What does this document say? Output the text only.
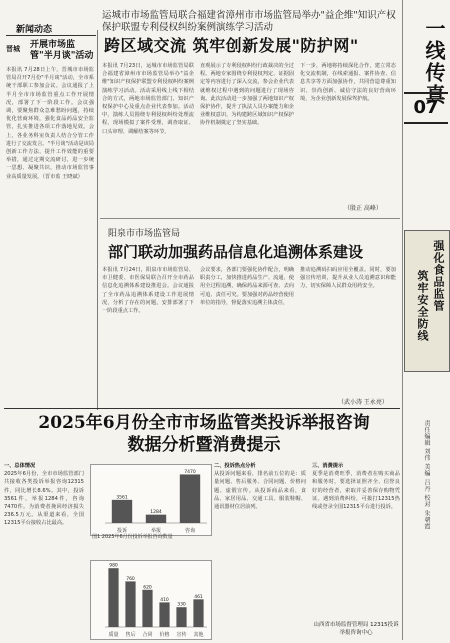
一线传真
07
强化食品监管
筑牢安全防线
责任编辑 刘伟 美编 吕丹 校对 朱朝霞
新闻动态
晋城 开展市场监管"半月谈"活动
本报讯 7月28日上午，晋城市市场监管局召开7月份"半月谈"活动，全市系统干部职工参加会议。会议通报了上半月全市市场监管重点工作开展情况，部署了下一阶段工作。会议强调，要聚焦群众急难愁盼问题，持续优化营商环境，强化食品药品安全监管，扎实推进各项工作落地见效。会上，各业务科室负责人结合分管工作进行了交流发言。"半月谈"活动是该局创新工作方法、提升工作效能的重要举措，通过定期交流研讨，进一步统一思想、凝聚共识，推动市场监管事业高质量发展。（晋市监 王晓斌）
运城市市场监管局联合福建省漳州市市场监管局举办"益企维"知识产权保护联盟专利侵权纠纷案例演练学习活动
跨区域交流 筑牢创新发展"防护网"
本报讯 7月23日，运城市市场监管局联合福建省漳州市市场监管局举办"益企维"知识产权保护联盟专利侵权纠纷案例演练学习活动。活动采用线上线下相结合的方式，两地市场监管部门、知识产权保护中心及重点企业代表参加。活动中，演练人员围绕专利侵权纠纷处理流程，现场模拟了案件受理、调查取证、口头审理、调解结案等环节，
直观展示了专利侵权纠纷行政裁决的全过程。两地专家围绕专利侵权判定、证据固定等内容进行了深入交流，参会企业代表就维权过程中遇到的问题进行了现场咨询。此次活动进一步加强了两地知识产权保护协作，提升了执法人员办案能力和企业维权意识，为构建跨区域知识产权保护协作机制奠定了坚实基础。
下一步，两地将持续深化合作，建立常态化交流机制，在线索通报、案件协查、信息共享等方面加强协作，共同营造尊重知识、崇尚创新、诚信守法的良好营商环境，为企业创新发展保驾护航。
（殷正 高峰）
阳泉市市场监管局
部门联动加强药品信息化追溯体系建设
本报讯 7月24日，阳泉市市场监管局、市卫健委、市医保局联合召开全市药品信息化追溯体系建设推进会。会议通报了全市药品追溯体系建设工作进展情况，分析了存在的问题，安排部署了下一阶段重点工作。
会议要求，各部门要强化协作配合，明确职责分工，加快推进药品生产、流通、使用全过程追溯，确保药品来源可查、去向可追、责任可究。要加强对药品经营使用单位的指导，督促落实追溯主体责任，
推动追溯码扫码应用全覆盖。同时，要加强宣传培训，提升从业人员追溯意识和能力，切实保障人民群众用药安全。
（武小涛 王永亮）
2025年6月份全市市场监管类投诉举报咨询
数据分析暨消费提示
一、总体情况
2025年6月份，全市市场监管部门共接收各类投诉举报咨询12315件，同比增长8.6%。其中，投诉3561件，举报1284件，咨询7470件。为消费者挽回经济损失236.5万元。从渠道来看，全国12315平台接收占比最高。
投诉
3561
举报
1284
咨询
7470
图1 2025年6月份投诉举报咨询数量
质量
980
售后
760
合同
620
价格
410
宣传
330
其他
461
二、投诉热点分析
从投诉问题来看，排名前五位的是：质量问题、售后服务、合同问题、价格问题、虚假宣传。从投诉商品来看，食品、家居用品、交通工具、服装鞋帽、通讯器材位居前列。
三、消费提示
夏季是消费旺季，消费者在购买商品和服务时，要选择证照齐全、信誉良好的经营者，索取并妥善保存购物凭证。遇到消费纠纷，可拨打12315热线或登录全国12315平台进行投诉。
山西省市场监督管理局 12315投诉举报咨询中心
